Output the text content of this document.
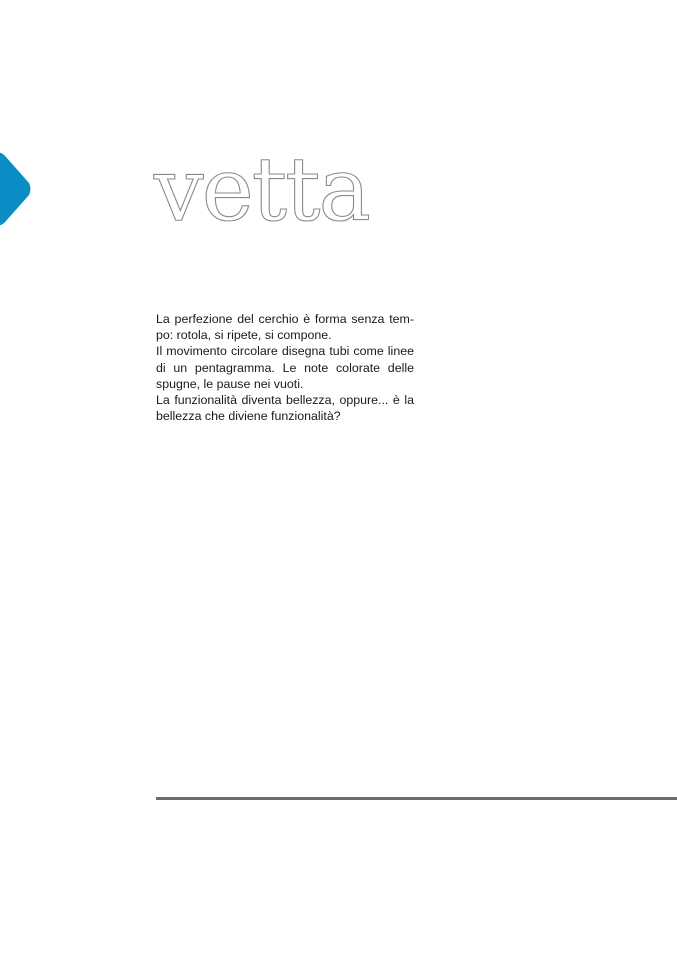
vetta

La perfezione del cerchio è forma senza tem-po: rotola, si ripete, si compone.

Il movimento circolare disegna tubi come linee di un pentagramma. Le note colorate delle spugne, le pause nei vuoti.

La funzionalità diventa bellezza, oppure... è la bellezza che diviene funzionalità?
